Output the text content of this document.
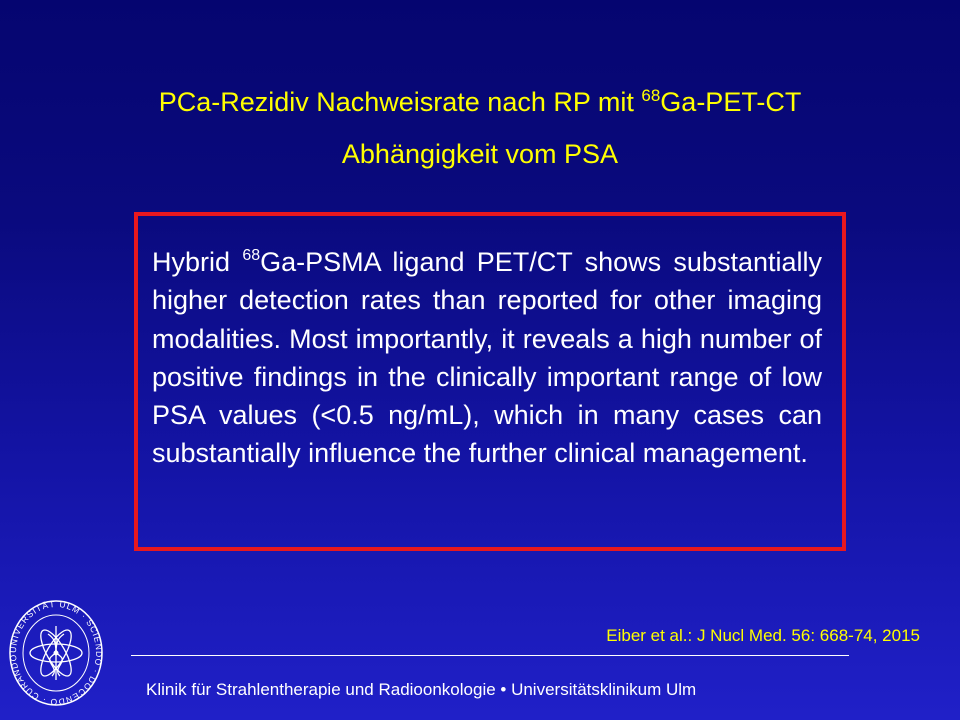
PCa-Rezidiv Nachweisrate nach RP mit $^{68}$Ga-PET-CT
Abhängigkeit vom PSA

Hybrid $^{68}$Ga-PSMA ligand PET/CT shows substantially higher detection rates than reported for other imaging modalities. Most importantly, it reveals a high number of positive findings in the clinically important range of low PSA values (<0.5 ng/mL), which in many cases can substantially influence the further clinical management.

UNIVERSITÄT ULM · SCIENDO · DOCENDO · CURANDO
Eiber et al.: J Nucl Med. 56: 668-74, 2015
Klinik für Strahlentherapie und Radioonkologie • Universitätsklinikum Ulm
